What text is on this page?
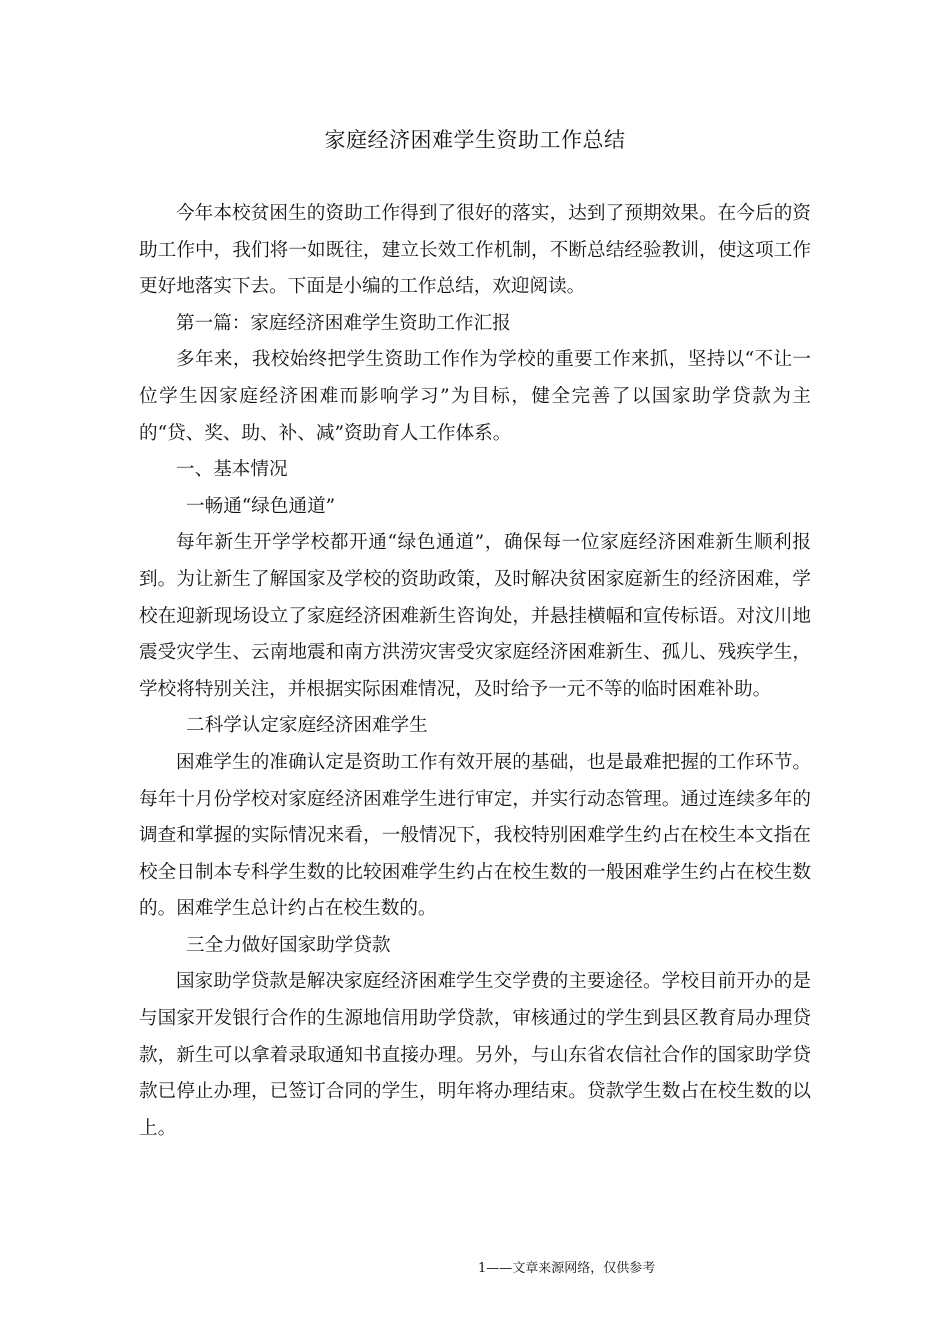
家庭经济困难学生资助工作总结

今年本校贫困生的资助工作得到了很好的落实，达到了预期效果。在今后的资助工作中，我们将一如既往，建立长效工作机制，不断总结经验教训，使这项工作更好地落实下去。下面是小编的工作总结，欢迎阅读。

第一篇：家庭经济困难学生资助工作汇报

多年来，我校始终把学生资助工作作为学校的重要工作来抓，坚持以“不让一位学生因家庭经济困难而影响学习”为目标，健全完善了以国家助学贷款为主的“贷、奖、助、补、减”资助育人工作体系。

一、基本情况

一畅通“绿色通道”

每年新生开学学校都开通“绿色通道”，确保每一位家庭经济困难新生顺利报到。为让新生了解国家及学校的资助政策，及时解决贫困家庭新生的经济困难，学校在迎新现场设立了家庭经济困难新生咨询处，并悬挂横幅和宣传标语。对汶川地震受灾学生、云南地震和南方洪涝灾害受灾家庭经济困难新生、孤儿、残疾学生，学校将特别关注，并根据实际困难情况，及时给予一元不等的临时困难补助。

二科学认定家庭经济困难学生

困难学生的准确认定是资助工作有效开展的基础，也是最难把握的工作环节。每年十月份学校对家庭经济困难学生进行审定，并实行动态管理。通过连续多年的调查和掌握的实际情况来看，一般情况下，我校特别困难学生约占在校生本文指在校全日制本专科学生数的比较困难学生约占在校生数的一般困难学生约占在校生数的。困难学生总计约占在校生数的。

三全力做好国家助学贷款

国家助学贷款是解决家庭经济困难学生交学费的主要途径。学校目前开办的是与国家开发银行合作的生源地信用助学贷款，审核通过的学生到县区教育局办理贷款，新生可以拿着录取通知书直接办理。另外，与山东省农信社合作的国家助学贷款已停止办理，已签订合同的学生，明年将办理结束。贷款学生数占在校生数的以上。

1——文章来源网络，仅供参考
